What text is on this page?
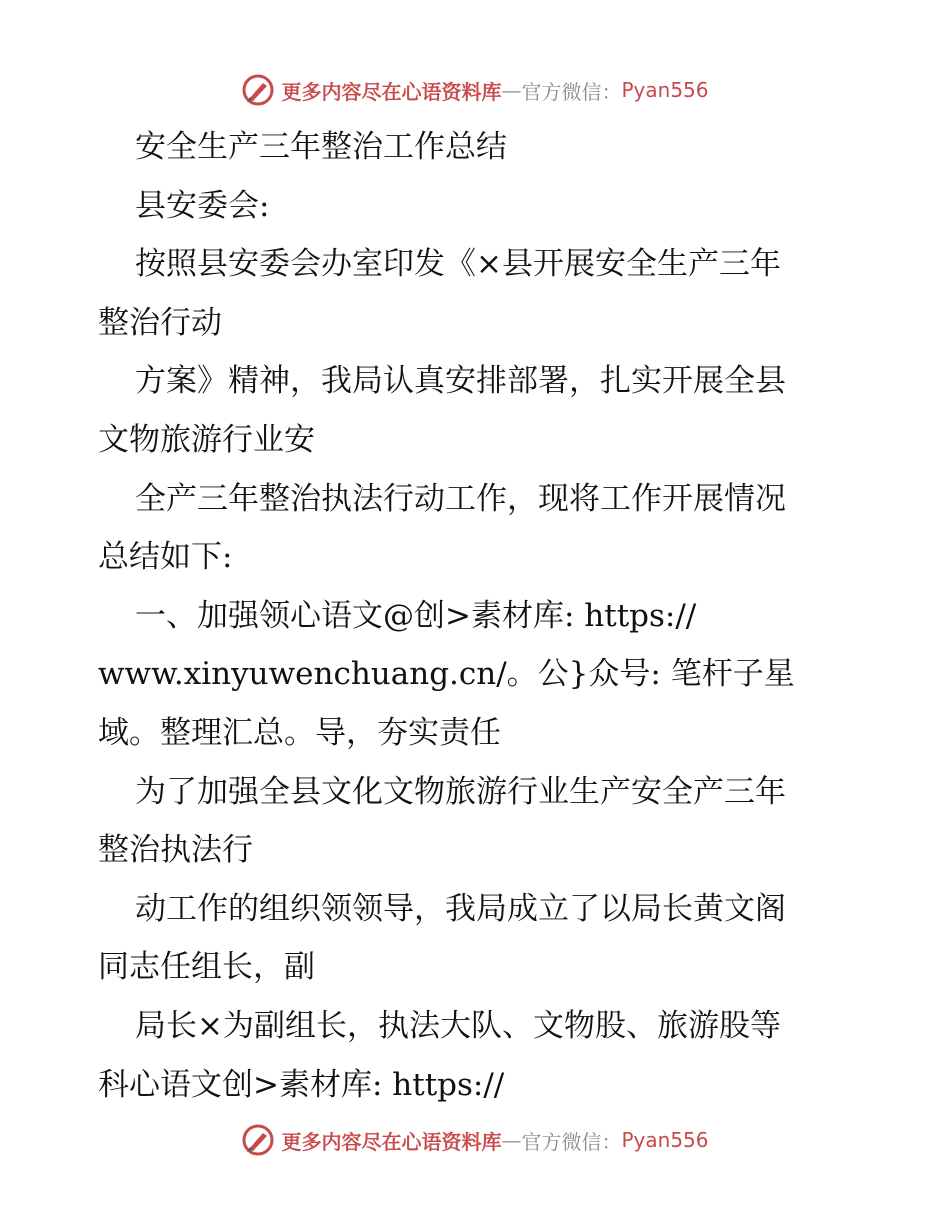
更多内容尽在心语资料库 — 官方微信： Pyan556
安全生产三年整治工作总结
县安委会:
按照县安委会办室印发《×县开展安全生产三年
整治行动
方案》精神，我局认真安排部署，扎实开展全县
文物旅游行业安
全产三年整治执法行动工作，现将工作开展情况
总结如下:
一、加强领心语文@创>素材库: https://
www.xinyuwenchuang.cn/。公}众号: 笔杆子星
域。整理汇总。导，夯实责任
为了加强全县文化文物旅游行业生产安全产三年
整治执法行
动工作的组织领领导，我局成立了以局长黄文阁
同志任组长，副
局长×为副组长，执法大队、文物股、旅游股等
科心语文创>素材库: https://
更多内容尽在心语资料库 — 官方微信： Pyan556
